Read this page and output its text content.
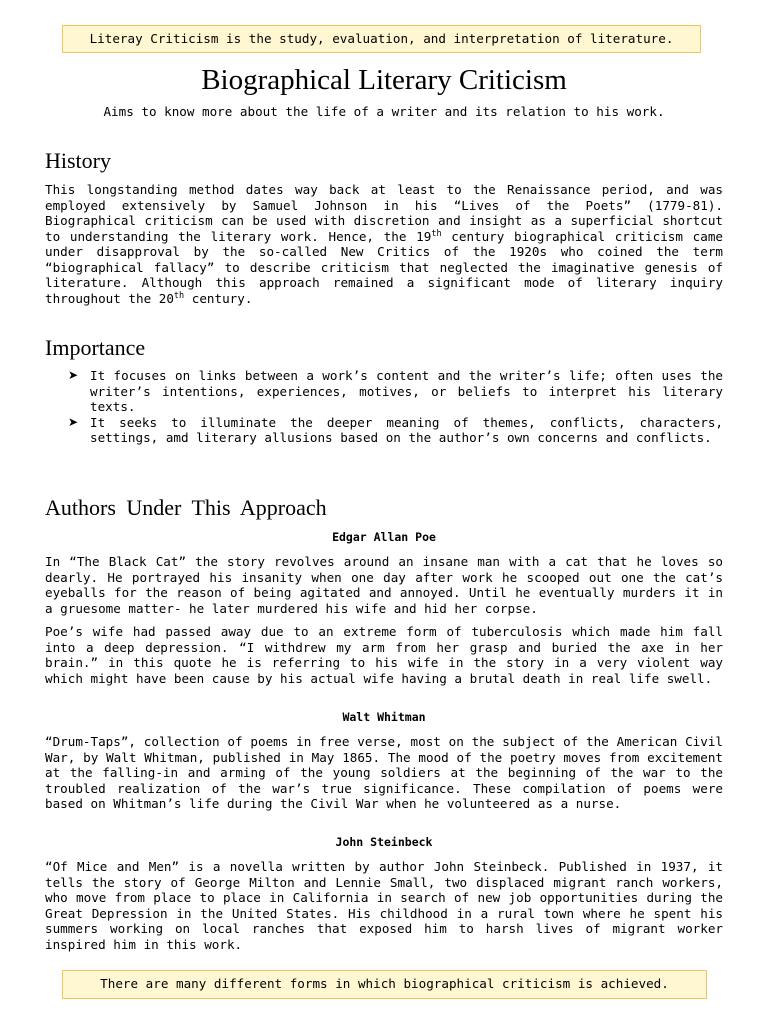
Literay Criticism is the study, evaluation, and interpretation of literature.
Biographical Literary Criticism
Aims to know more about the life of a writer and its relation to his work.
History
This longstanding method dates way back at least to the Renaissance period, and was employed extensively by Samuel Johnson in his “Lives of the Poets” (1779-81). Biographical criticism can be used with discretion and insight as a superficial shortcut to understanding the literary work. Hence, the 19th century biographical criticism came under disapproval by the so-called New Critics of the 1920s who coined the term “biographical fallacy” to describe criticism that neglected the imaginative genesis of literature. Although this approach remained a significant mode of literary inquiry throughout the 20th century.
Importance
➤ It focuses on links between a work’s content and the writer’s life; often uses the writer’s intentions, experiences, motives, or beliefs to interpret his literary texts.
➤ It seeks to illuminate the deeper meaning of themes, conflicts, characters, settings, amd literary allusions based on the author’s own concerns and conflicts.
Authors Under This Approach
Edgar Allan Poe
In “The Black Cat” the story revolves around an insane man with a cat that he loves so dearly. He portrayed his insanity when one day after work he scooped out one the cat’s eyeballs for the reason of being agitated and annoyed. Until he eventually murders it in a gruesome matter- he later murdered his wife and hid her corpse.
Poe’s wife had passed away due to an extreme form of tuberculosis which made him fall into a deep depression. “I withdrew my arm from her grasp and buried the axe in her brain.” in this quote he is referring to his wife in the story in a very violent way which might have been cause by his actual wife having a brutal death in real life swell.
Walt Whitman
“Drum-Taps”, collection of poems in free verse, most on the subject of the American Civil War, by Walt Whitman, published in May 1865. The mood of the poetry moves from excitement at the falling-in and arming of the young soldiers at the beginning of the war to the troubled realization of the war’s true significance. These compilation of poems were based on Whitman’s life during the Civil War when he volunteered as a nurse.
John Steinbeck
“Of Mice and Men” is a novella written by author John Steinbeck. Published in 1937, it tells the story of George Milton and Lennie Small, two displaced migrant ranch workers, who move from place to place in California in search of new job opportunities during the Great Depression in the United States. His childhood in a rural town where he spent his summers working on local ranches that exposed him to harsh lives of migrant worker inspired him in this work.
There are many different forms in which biographical criticism is achieved.
